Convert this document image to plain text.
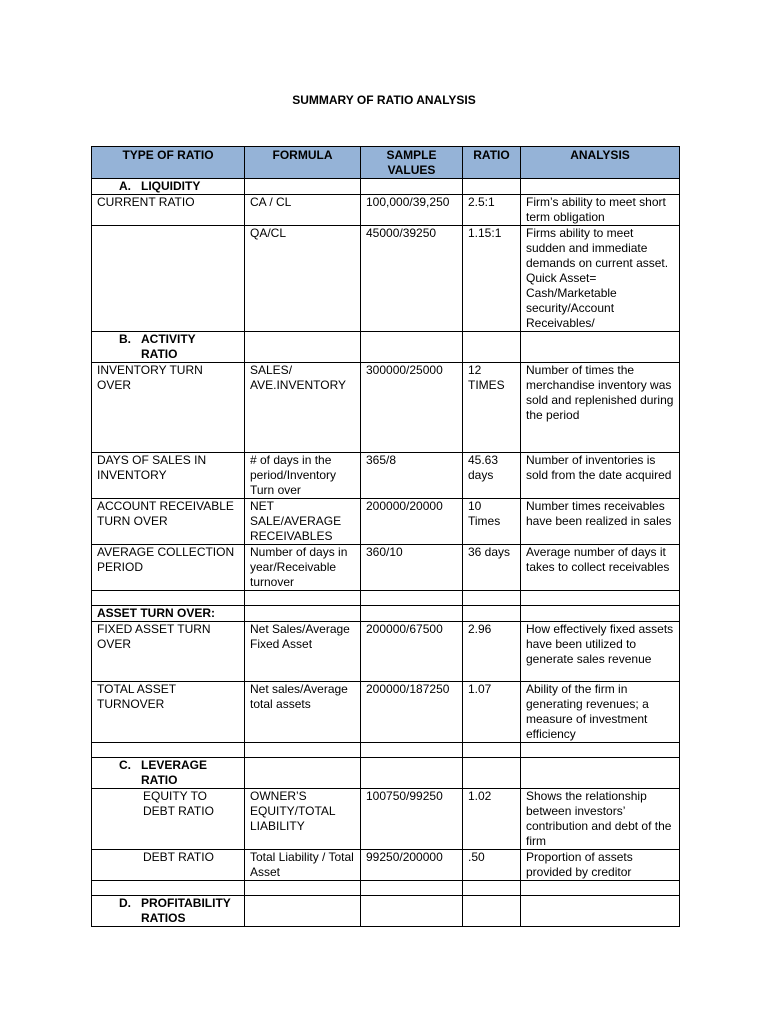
SUMMARY OF RATIO ANALYSIS
TYPE OF RATIO	FORMULA	SAMPLE VALUES	RATIO	ANALYSIS
A. LIQUIDITY				
CURRENT RATIO	CA / CL	100,000/39,250	2.5:1	Firm’s ability to meet short term obligation
	QA/CL	45000/39250	1.15:1	Firms ability to meet sudden and immediate demands on current asset. Quick Asset= Cash/Marketable security/Account Receivables/
B. ACTIVITY
RATIO				
INVENTORY TURN OVER	SALES/ AVE.INVENTORY	300000/25000	12 TIMES	Number of times the merchandise inventory was sold and replenished during the period
DAYS OF SALES IN INVENTORY	# of days in the period/Inventory Turn over	365/8	45.63 days	Number of inventories is sold from the date acquired
ACCOUNT RECEIVABLE TURN OVER	NET SALE/AVERAGE RECEIVABLES	200000/20000	10 Times	Number times receivables have been realized in sales
AVERAGE COLLECTION PERIOD	Number of days in year/Receivable turnover	360/10	36 days	Average number of days it takes to collect receivables

ASSET TURN OVER:				
FIXED ASSET TURN OVER	Net Sales/Average Fixed Asset	200000/67500	2.96	How effectively fixed assets have been utilized to generate sales revenue
TOTAL ASSET TURNOVER	Net sales/Average total assets	200000/187250	1.07	Ability of the firm in generating revenues; a measure of investment efficiency

C. LEVERAGE
RATIO				
EQUITY TO DEBT RATIO	OWNER’S EQUITY/TOTAL LIABILITY	100750/99250	1.02	Shows the relationship between investors’ contribution and debt of the firm
DEBT RATIO	Total Liability / Total Asset	99250/200000	.50	Proportion of assets provided by creditor

D. PROFITABILITY
RATIOS				
